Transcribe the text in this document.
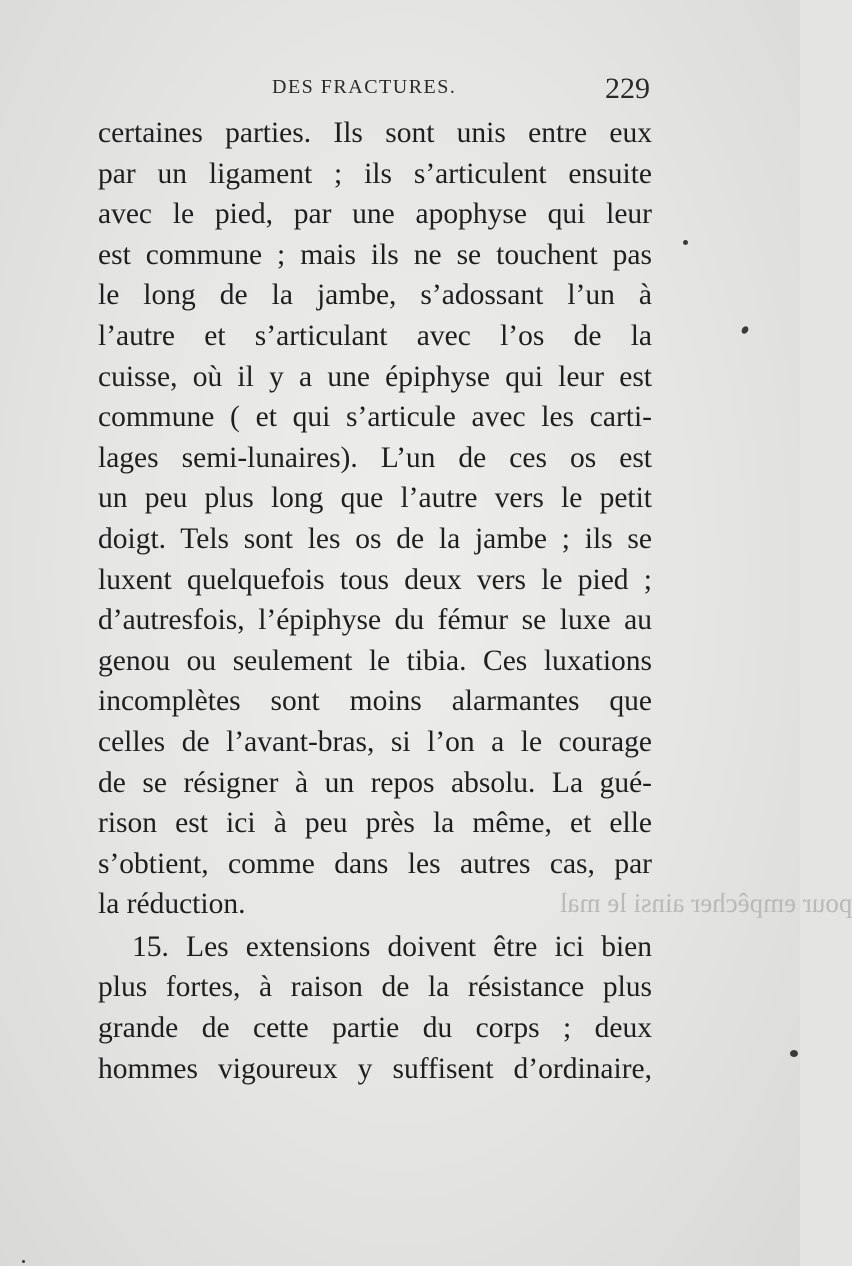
DES FRACTURES.	229
pour empêcher ainsi le mal
certaines parties. Ils sont unis entre eux
par un ligament ; ils s’articulent ensuite
avec le pied, par une apophyse qui leur
est commune ; mais ils ne se touchent pas
le long de la jambe, s’adossant l’un à
l’autre et s’articulant avec l’os de la
cuisse, où il y a une épiphyse qui leur est
commune ( et qui s’articule avec les carti-
lages semi-lunaires). L’un de ces os est
un peu plus long que l’autre vers le petit
doigt. Tels sont les os de la jambe ; ils se
luxent quelquefois tous deux vers le pied ;
d’autresfois, l’épiphyse du fémur se luxe au
genou ou seulement le tibia. Ces luxations
incomplètes sont moins alarmantes que
celles de l’avant-bras, si l’on a le courage
de se résigner à un repos absolu. La gué-
rison est ici à peu près la même, et elle
s’obtient, comme dans les autres cas, par
la réduction.
15. Les extensions doivent être ici bien
plus fortes, à raison de la résistance plus
grande de cette partie du corps ; deux
hommes vigoureux y suffisent d’ordinaire,
